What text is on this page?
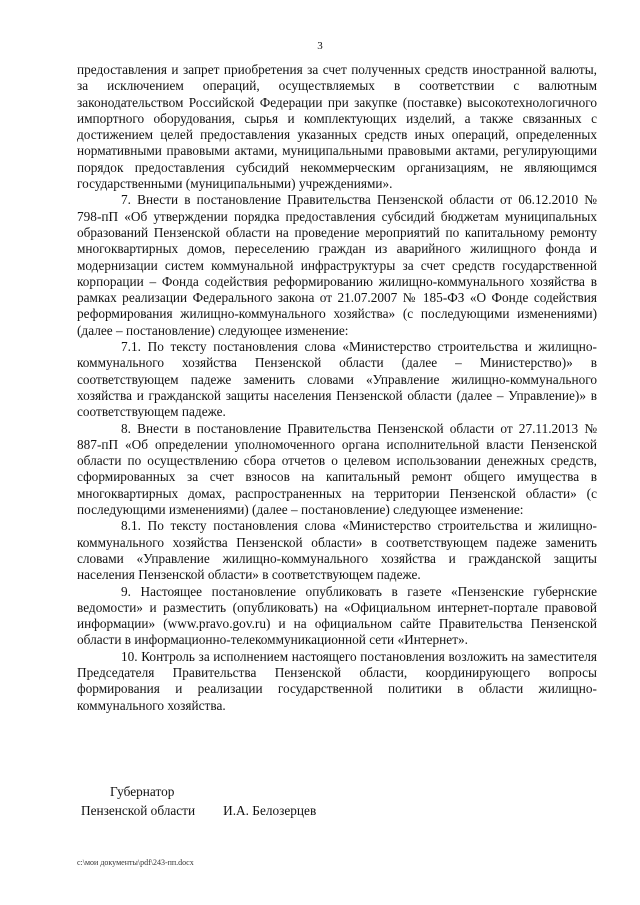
3

предоставления и запрет приобретения за счет полученных средств иностранной валюты, за исключением операций, осуществляемых в соответствии с валютным законодательством Российской Федерации при закупке (поставке) высокотехнологичного импортного оборудования, сырья и комплектующих изделий, а также связанных с достижением целей предоставления указанных средств иных операций, определенных нормативными правовыми актами, муниципальными правовыми актами, регулирующими порядок предоставления субсидий некоммерческим организациям, не являющимся государственными (муниципальными) учреждениями».

7. Внести в постановление Правительства Пензенской области от 06.12.2010 № 798-пП «Об утверждении порядка предоставления субсидий бюджетам муниципальных образований Пензенской области на проведение мероприятий по капитальному ремонту многоквартирных домов, переселению граждан из аварийного жилищного фонда и модернизации систем коммунальной инфраструктуры за счет средств государственной корпорации – Фонда содействия реформированию жилищно-коммунального хозяйства в рамках реализации Федерального закона от 21.07.2007 № 185-ФЗ «О Фонде содействия реформирования жилищно-коммунального хозяйства» (с последующими изменениями) (далее – постановление) следующее изменение:

7.1. По тексту постановления слова «Министерство строительства и жилищно-коммунального хозяйства Пензенской области (далее – Министерство)» в соответствующем падеже заменить словами «Управление жилищно-коммунального хозяйства и гражданской защиты населения Пензенской области (далее – Управление)» в соответствующем падеже.

8. Внести в постановление Правительства Пензенской области от 27.11.2013 № 887-пП «Об определении уполномоченного органа исполнительной власти Пензенской области по осуществлению сбора отчетов о целевом использовании денежных средств, сформированных за счет взносов на капитальный ремонт общего имущества в многоквартирных домах, распространенных на территории Пензенской области» (с последующими изменениями) (далее – постановление) следующее изменение:

8.1. По тексту постановления слова «Министерство строительства и жилищно-коммунального хозяйства Пензенской области» в соответствующем падеже заменить словами «Управление жилищно-коммунального хозяйства и гражданской защиты населения Пензенской области» в соответствующем падеже.

9. Настоящее постановление опубликовать в газете «Пензенские губернские ведомости» и разместить (опубликовать) на «Официальном интернет-портале правовой информации» (www.pravo.gov.ru) и на официальном сайте Правительства Пензенской области в информационно-телекоммуникационной сети «Интернет».

10. Контроль за исполнением настоящего постановления возложить на заместителя Председателя Правительства Пензенской области, координирующего вопросы формирования и реализации государственной политики в области жилищно-коммунального хозяйства.

Губернатор
Пензенской области И.А. Белозерцев
c:\мои документы\pdf\243-пп.docx
